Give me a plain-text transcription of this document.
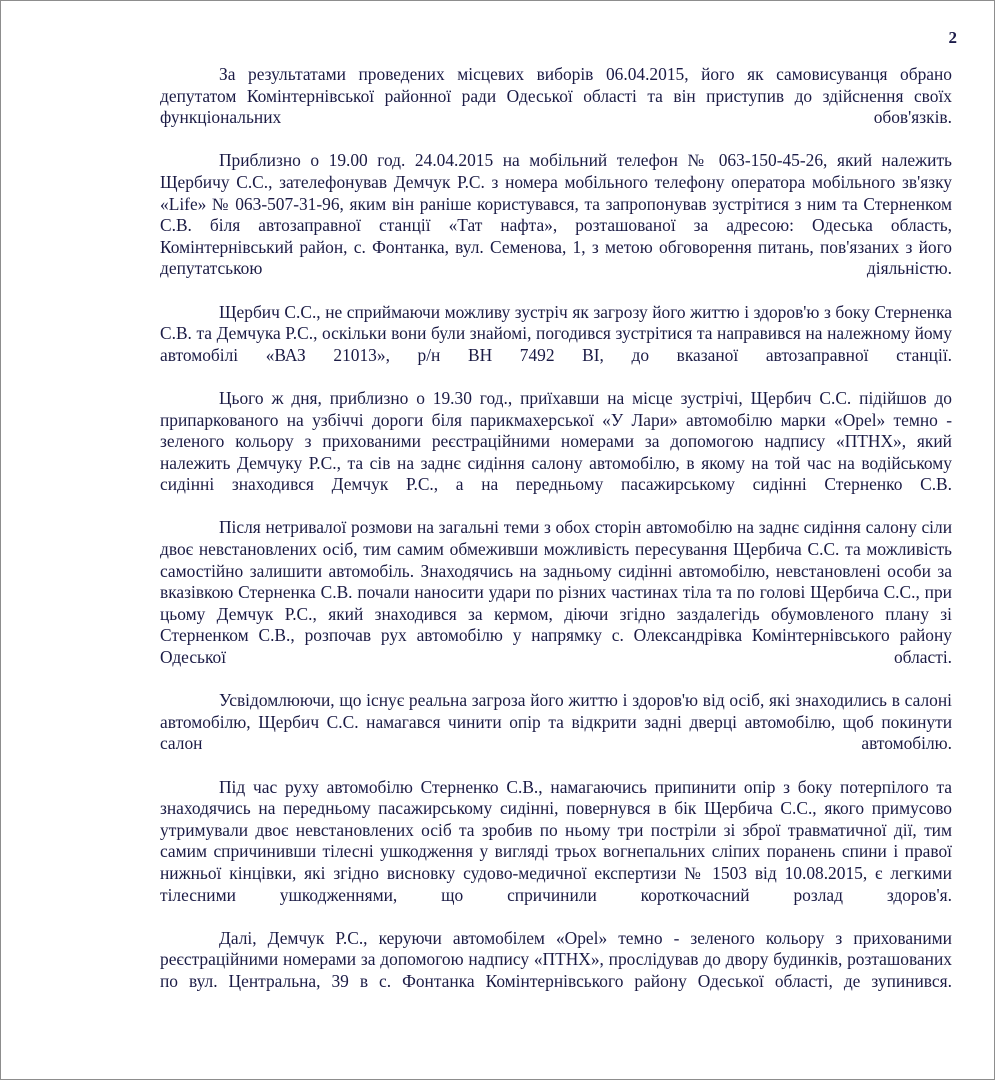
2

За результатами проведених місцевих виборів 06.04.2015, його як самовисуванця обрано депутатом Комінтернівської районної ради Одеської області та він приступив до здійснення своїх функціональних обов'язків.

Приблизно о 19.00 год. 24.04.2015 на мобільний телефон № 063-150-45-26, який належить Щербичу С.С., зателефонував Демчук Р.С. з номера мобільного телефону оператора мобільного зв'язку «Life» № 063-507-31-96, яким він раніше користувався, та запропонував зустрітися з ним та Стерненком С.В. біля автозаправної станції «Тат нафта», розташованої за адресою: Одеська область, Комінтернівський район, с. Фонтанка, вул. Семенова, 1, з метою обговорення питань, пов'язаних з його депутатською діяльністю.

Щербич С.С., не сприймаючи можливу зустріч як загрозу його життю і здоров'ю з боку Стерненка С.В. та Демчука Р.С., оскільки вони були знайомі, погодився зустрітися та направився на належному йому автомобілі «ВАЗ 21013», р/н ВН 7492 ВІ, до вказаної автозаправної станції.

Цього ж дня, приблизно о 19.30 год., приїхавши на місце зустрічі, Щербич С.С. підійшов до припаркованого на узбіччі дороги біля парикмахерської «У Лари» автомобілю марки «Opel» темно - зеленого кольору з прихованими реєстраційними номерами за допомогою надпису «ПТНХ», який належить Демчуку Р.С., та сів на заднє сидіння салону автомобілю, в якому на той час на водійському сидінні знаходився Демчук Р.С., а на передньому пасажирському сидінні Стерненко С.В.

Після нетривалої розмови на загальні теми з обох сторін автомобілю на заднє сидіння салону сіли двоє невстановлених осіб, тим самим обмеживши можливість пересування Щербича С.С. та можливість самостійно залишити автомобіль. Знаходячись на задньому сидінні автомобілю, невстановлені особи за вказівкою Стерненка С.В. почали наносити удари по різних частинах тіла та по голові Щербича С.С., при цьому Демчук Р.С., який знаходився за кермом, діючи згідно заздалегідь обумовленого плану зі Стерненком С.В., розпочав рух автомобілю у напрямку с. Олександрівка Комінтернівського району Одеської області.

Усвідомлюючи, що існує реальна загроза його життю і здоров'ю від осіб, які знаходились в салоні автомобілю, Щербич С.С. намагався чинити опір та відкрити задні дверці автомобілю, щоб покинути салон автомобілю.

Під час руху автомобілю Стерненко С.В., намагаючись припинити опір з боку потерпілого та знаходячись на передньому пасажирському сидінні, повернувся в бік Щербича С.С., якого примусово утримували двоє невстановлених осіб та зробив по ньому три постріли зі зброї травматичної дії, тим самим спричинивши тілесні ушкодження у вигляді трьох вогнепальних сліпих поранень спини і правої нижньої кінцівки, які згідно висновку судово-медичної експертизи № 1503 від 10.08.2015, є легкими тілесними ушкодженнями, що спричинили короткочасний розлад здоров'я.

Далі, Демчук Р.С., керуючи автомобілем «Opel» темно - зеленого кольору з прихованими реєстраційними номерами за допомогою надпису «ПТНХ», прослідував до двору будинків, розташованих по вул. Центральна, 39 в с. Фонтанка Комінтернівського району Одеської області, де зупинився.
